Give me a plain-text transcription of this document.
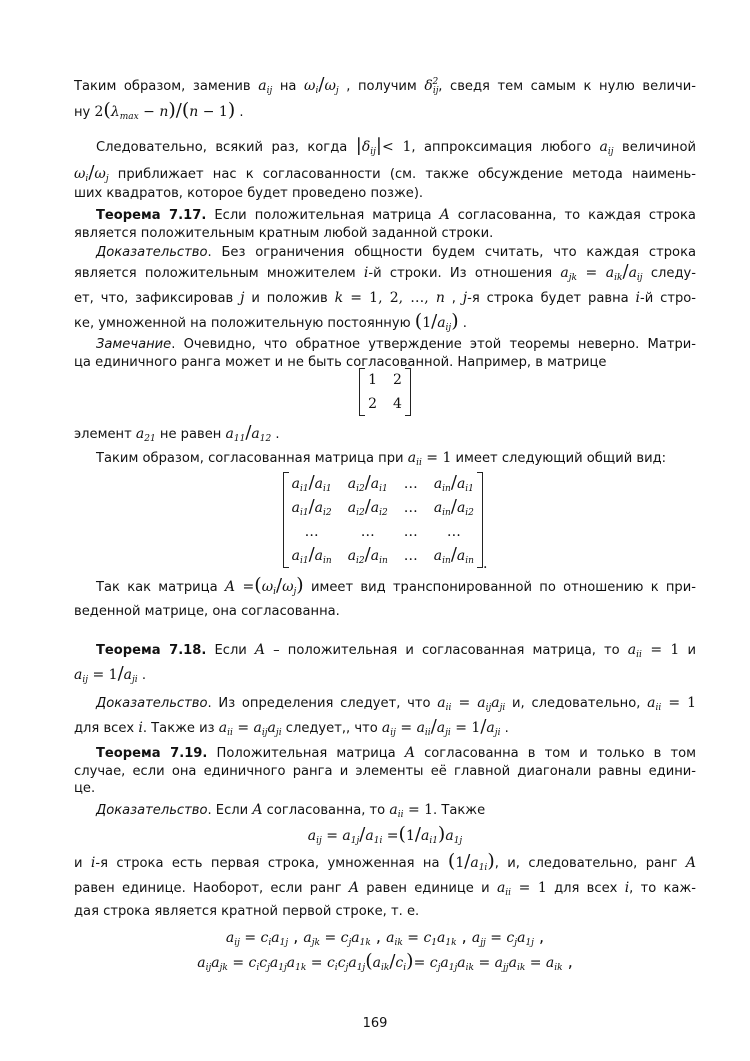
Таким образом, заменив $a_{ij}$ на $\omega_i/\omega_j$ , получим $\delta_{ij}^2$, сведя тем самым к нулю величи-
ну $2(\lambda_{max} - n)/(n - 1)$ .
Следовательно, всякий раз, когда $|\delta_{ij}|< 1$, аппроксимация любого $a_{ij}$ величиной
$\omega_i/\omega_j$ приближает нас к согласованности (см. также обсуждение метода наимень-
ших квадратов, которое будет проведено позже).
Теорема 7.17. Если положительная матрица A согласованна, то каждая строка
является положительным кратным любой заданной строки.
Доказательство. Без ограничения общности будем считать, что каждая строка
является положительным множителем i-й строки. Из отношения $a_{jk} = a_{ik}/a_{ij}$ следу-
ет, что, зафиксировав j и положив k = 1, 2, …, n , j-я строка будет равна i-й стро-
ке, умноженной на положительную постоянную $(1/a_{ij})$ .
Замечание. Очевидно, что обратное утверждение этой теоремы неверно. Матри-
ца единичного ранга может и не быть согласованной. Например, в матрице
1	2
2	4
элемент $a_{21}$ не равен $a_{11}/a_{12}$ .
Таким образом, согласованная матрица при $a_{ii} = 1$ имеет следующий общий вид:
$a_{i1}/a_{i1}$	$a_{i2}/a_{i1}$	…	$a_{in}/a_{i1}$
$a_{i1}/a_{i2}$	$a_{i2}/a_{i2}$	…	$a_{in}/a_{i2}$
…	…	…	…
$a_{i1}/a_{in}$	$a_{i2}/a_{in}$	…	$a_{in}/a_{in}$ .
Так как матрица $A =(\omega_i/\omega_j)$ имеет вид транспонированной по отношению к при-
веденной матрице, она согласованна.
Теорема 7.18. Если A – положительная и согласованная матрица, то $a_{ii} = 1$ и
$a_{ij} = 1/a_{ji}$ .
Доказательство. Из определения следует, что $a_{ii} = a_{ij}a_{ji}$ и, следовательно, $a_{ii} = 1$
для всех i. Также из $a_{ii} = a_{ij}a_{ji}$ следует,, что $a_{ij} = a_{ii}/a_{ji} = 1/a_{ji}$ .
Теорема 7.19. Положительная матрица A согласованна в том и только в том
случае, если она единичного ранга и элементы её главной диагонали равны едини-
це.
Доказательство. Если A согласованна, то $a_{ii} = 1$. Также
$a_{ij} = a_{1j}/a_{1i} =(1/a_{i1})a_{1j}$
и i-я строка есть первая строка, умноженная на $(1/a_{1i})$, и, следовательно, ранг A
равен единице. Наоборот, если ранг A равен единице и $a_{ii} = 1$ для всех i, то каж-
дая строка является кратной первой строке, т. е.
$a_{ij} = c_ia_{1j}$ , $a_{jk} = c_ja_{1k}$ , $a_{ik} = c_1a_{1k}$ , $a_{jj} = c_ja_{1j}$ ,
$a_{ij}a_{jk} = c_ic_ja_{1j}a_{1k} = c_ic_ja_{1j}(a_{ik}/c_i)= c_ja_{1j}a_{ik} = a_{jj}a_{ik} = a_{ik}$ ,
169
